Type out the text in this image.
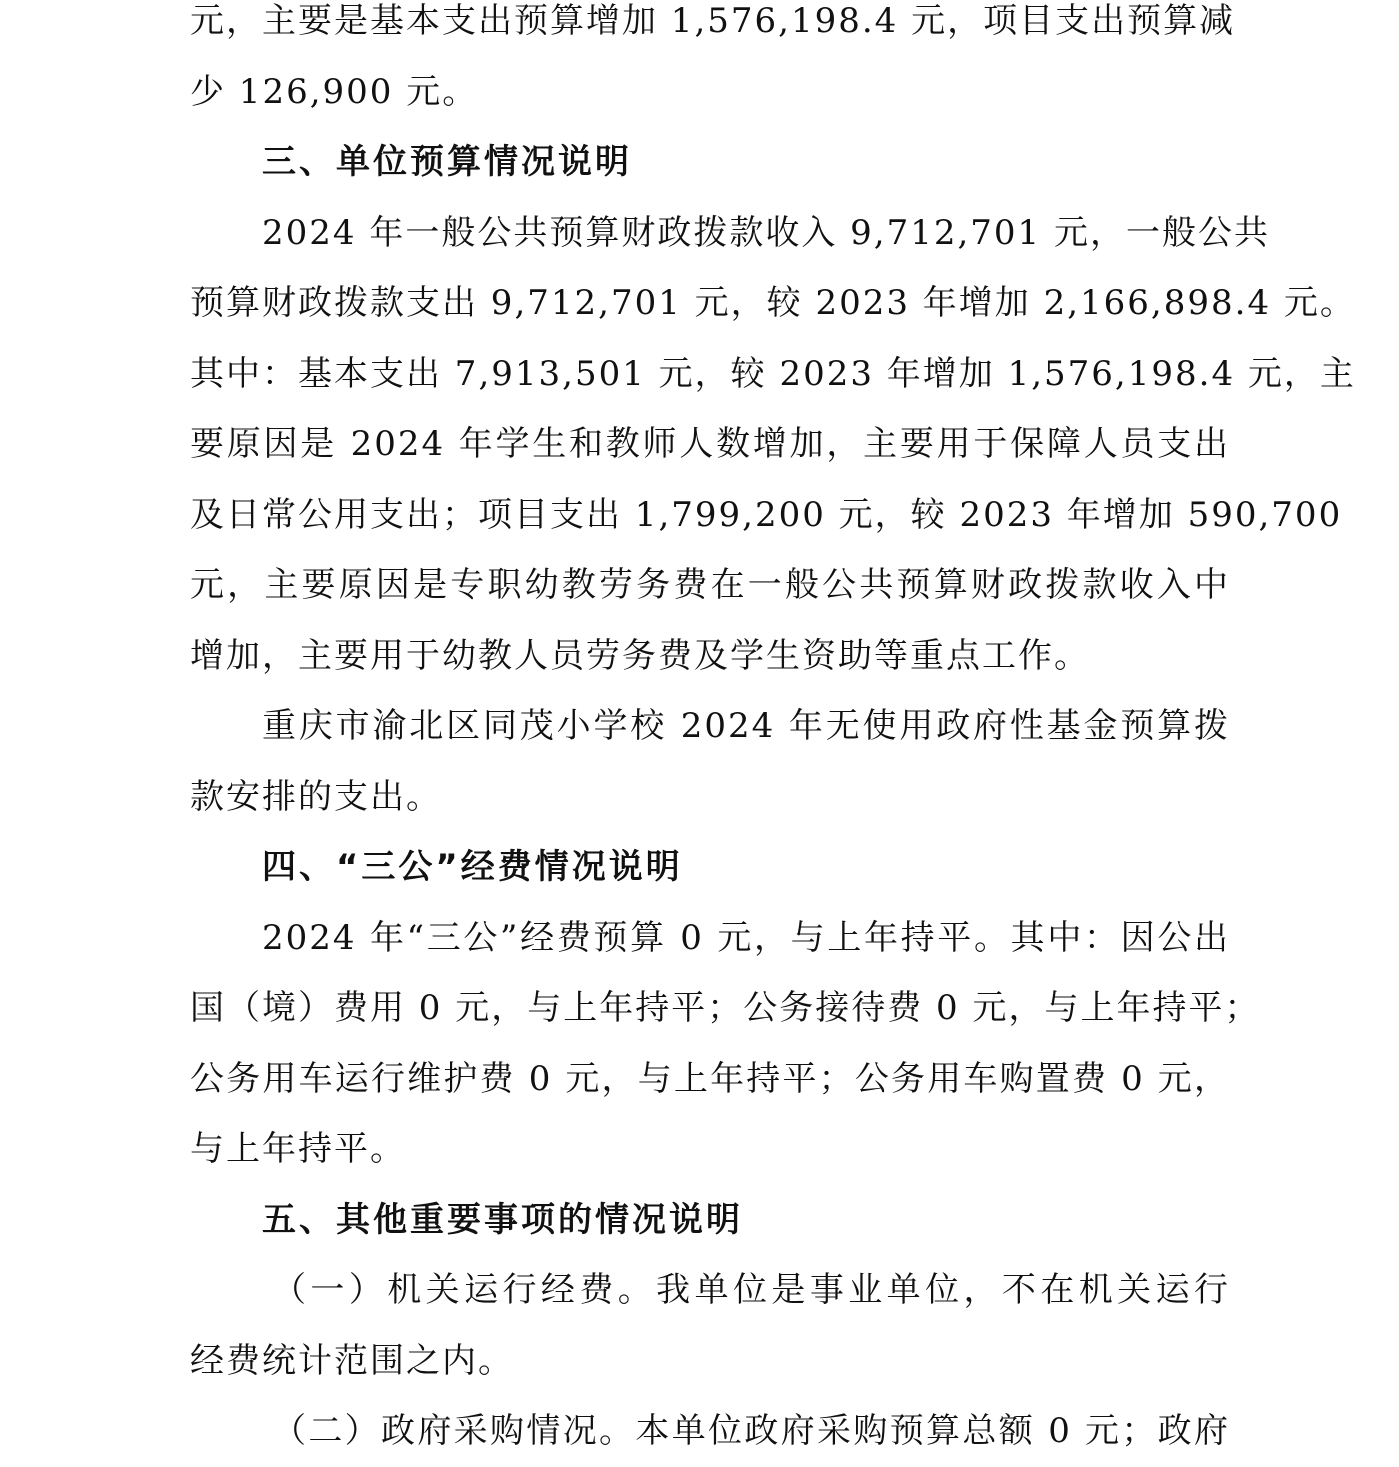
元，主要是基本支出预算增加 1,576,198.4 元，项目支出预算减
少 126,900 元。
三、单位预算情况说明
2024 年一般公共预算财政拨款收入 9,712,701 元，一般公共
预算财政拨款支出 9,712,701 元，较 2023 年增加 2,166,898.4 元。
其中：基本支出 7,913,501 元，较 2023 年增加 1,576,198.4 元，主
要原因是 2024 年学生和教师人数增加，主要用于保障人员支出
及日常公用支出；项目支出 1,799,200 元，较 2023 年增加 590,700
元，主要原因是专职幼教劳务费在一般公共预算财政拨款收入中
增加，主要用于幼教人员劳务费及学生资助等重点工作。
重庆市渝北区同茂小学校 2024 年无使用政府性基金预算拨
款安排的支出。
四、“三公”经费情况说明
2024 年“三公”经费预算 0 元，与上年持平。其中：因公出
国（境）费用 0 元，与上年持平；公务接待费 0 元，与上年持平；
公务用车运行维护费 0 元，与上年持平；公务用车购置费 0 元，
与上年持平。
五、其他重要事项的情况说明
（一）机关运行经费。我单位是事业单位，不在机关运行
经费统计范围之内。
（二）政府采购情况。本单位政府采购预算总额 0 元；政府
